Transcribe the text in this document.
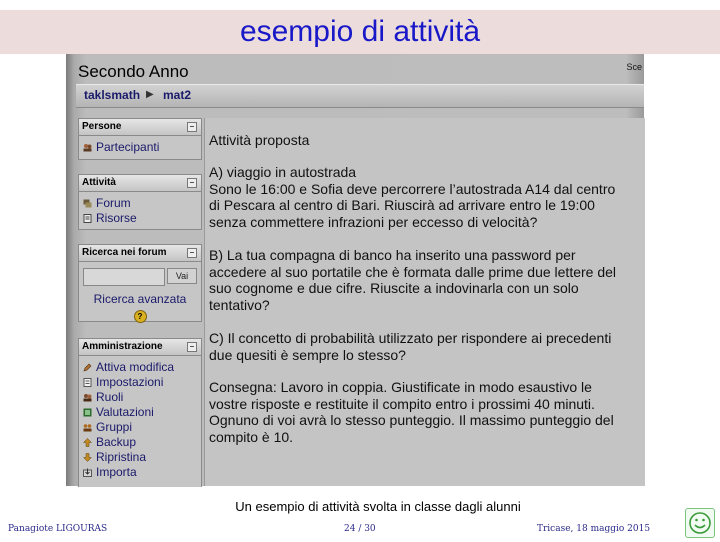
esempio di attività
Secondo Anno	Sce
taklsmath ▶ mat2
Persone	–
Partecipanti
Attività	–
Forum
Risorse
Ricerca nei forum	–
Vai
Ricerca avanzata
?
Amministrazione	–
Attiva modifica
Impostazioni
Ruoli
Valutazioni
Gruppi
Backup
Ripristina
Importa

Attività proposta

A) viaggio in autostrada
Sono le 16:00 e Sofia deve percorrere l’autostrada A14 dal centro
di Pescara al centro di Bari. Riuscirà ad arrivare entro le 19:00
senza commettere infrazioni per eccesso di velocità?

B) La tua compagna di banco ha inserito una password per
accedere al suo portatile che è formata dalle prime due lettere del
suo cognome e due cifre. Riuscite a indovinarla con un solo
tentativo?

C) Il concetto di probabilità utilizzato per rispondere ai precedenti
due quesiti è sempre lo stesso?

Consegna: Lavoro in coppia. Giustificate in modo esaustivo le
vostre risposte e restituite il compito entro i prossimi 40 minuti.
Ognuno di voi avrà lo stesso punteggio. Il massimo punteggio del
compito è 10.

Un esempio di attività svolta in classe dagli alunni
Panagiote LIGOURAS	24 / 30	Tricase, 18 maggio 2015
